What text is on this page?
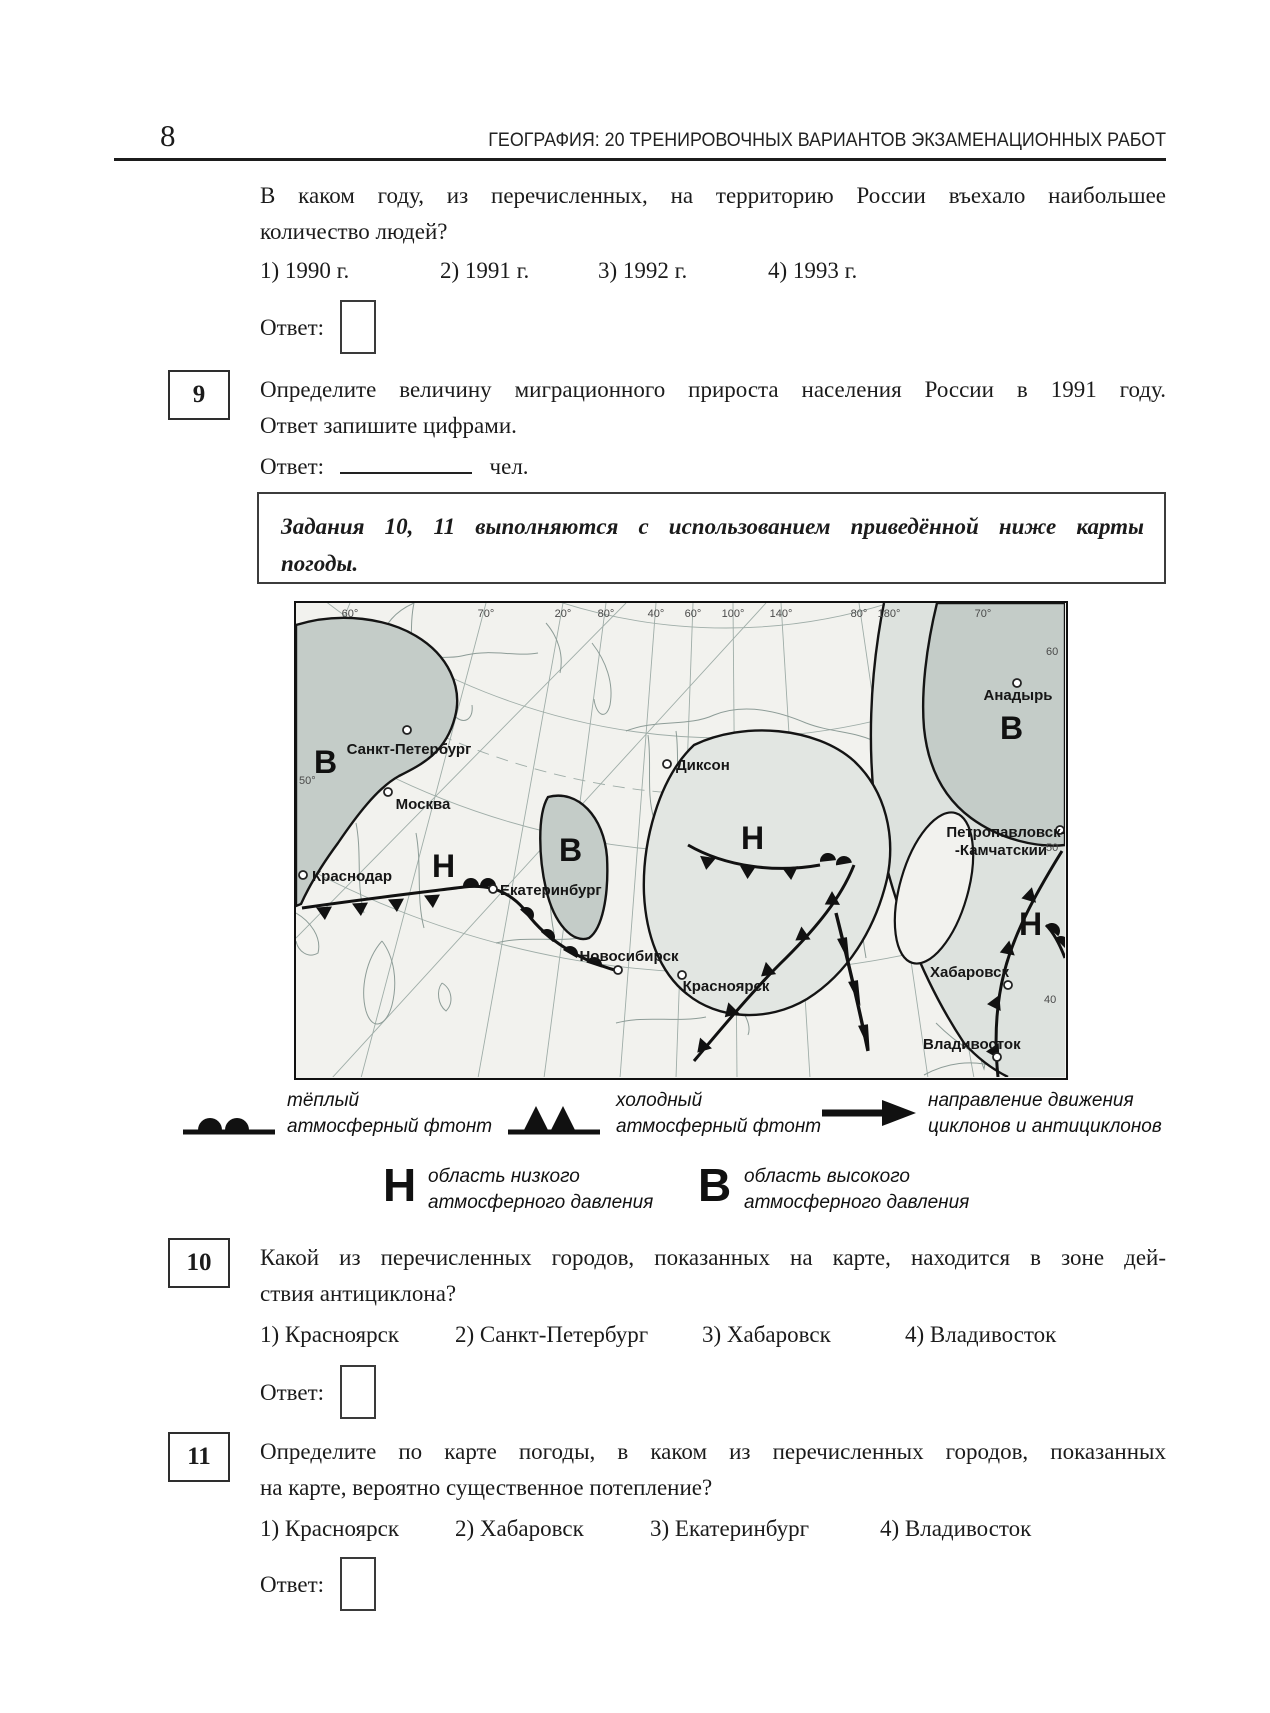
8	ГЕОГРАФИЯ: 20 ТРЕНИРОВОЧНЫХ ВАРИАНТОВ ЭКЗАМЕНАЦИОННЫХ РАБОТ
В каком году, из перечисленных, на территорию России въехало наибольшее
количество людей?
1) 1990 г.	2) 1991 г.	3) 1992 г.	4) 1993 г.
Ответ:
9	Определите величину миграционного прироста населения России в 1991 году.
Ответ запишите цифрами.
Ответ:	чел.
Задания 10, 11 выполняются с использованием приведённой ниже карты
погоды.
Санкт-Петербург
Москва
Краснодар
Екатеринбург
Новосибирск
Красноярск
Диксон
Анадырь
Петропавловск-
-Камчатский
Хабаровск
Владивосток
В
В
В
Н
Н
Н
60°	70°	20° 80°	40° 60° 100° 140°	80° 180°	70°
50°
60
50
40
тёплый
атмосферный фтонт
холодный
атмосферный фтонт
направление движения
циклонов и антициклонов
Н область низкого
атмосферного давления В область высокого
атмосферного давления
10	Какой из перечисленных городов, показанных на карте, находится в зоне дей-
ствия антициклона?
1) Красноярск 2) Санкт-Петербург 3) Хабаровск	4) Владивосток
Ответ:
11	Определите по карте погоды, в каком из перечисленных городов, показанных
на карте, вероятно существенное потепление?
1) Красноярск 2) Хабаровск	3) Екатеринбург	4) Владивосток
Ответ:
